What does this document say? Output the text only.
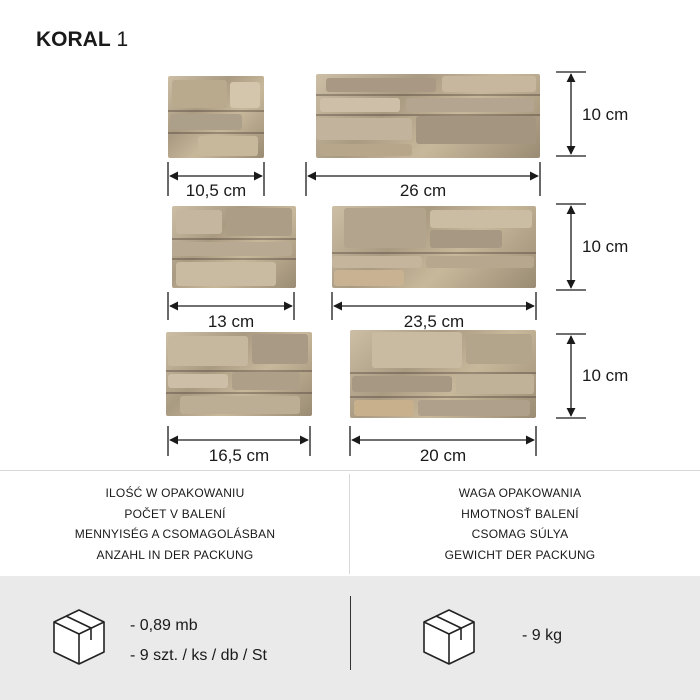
KORAL 1
10,5 cm	26 cm
13 cm	23,5 cm
16,5 cm	20 cm
10 cm
10 cm
10 cm
ILOŚĆ W OPAKOWANIU
POČET V BALENÍ
MENNYISÉG A CSOMAGOLÁSBAN
ANZAHL IN DER PACKUNG
WAGA OPAKOWANIA
HMOTNOSŤ BALENÍ
CSOMAG SÚLYA
GEWICHT DER PACKUNG
- 0,89 mb
- 9 szt. / ks / db / St
- 9 kg
